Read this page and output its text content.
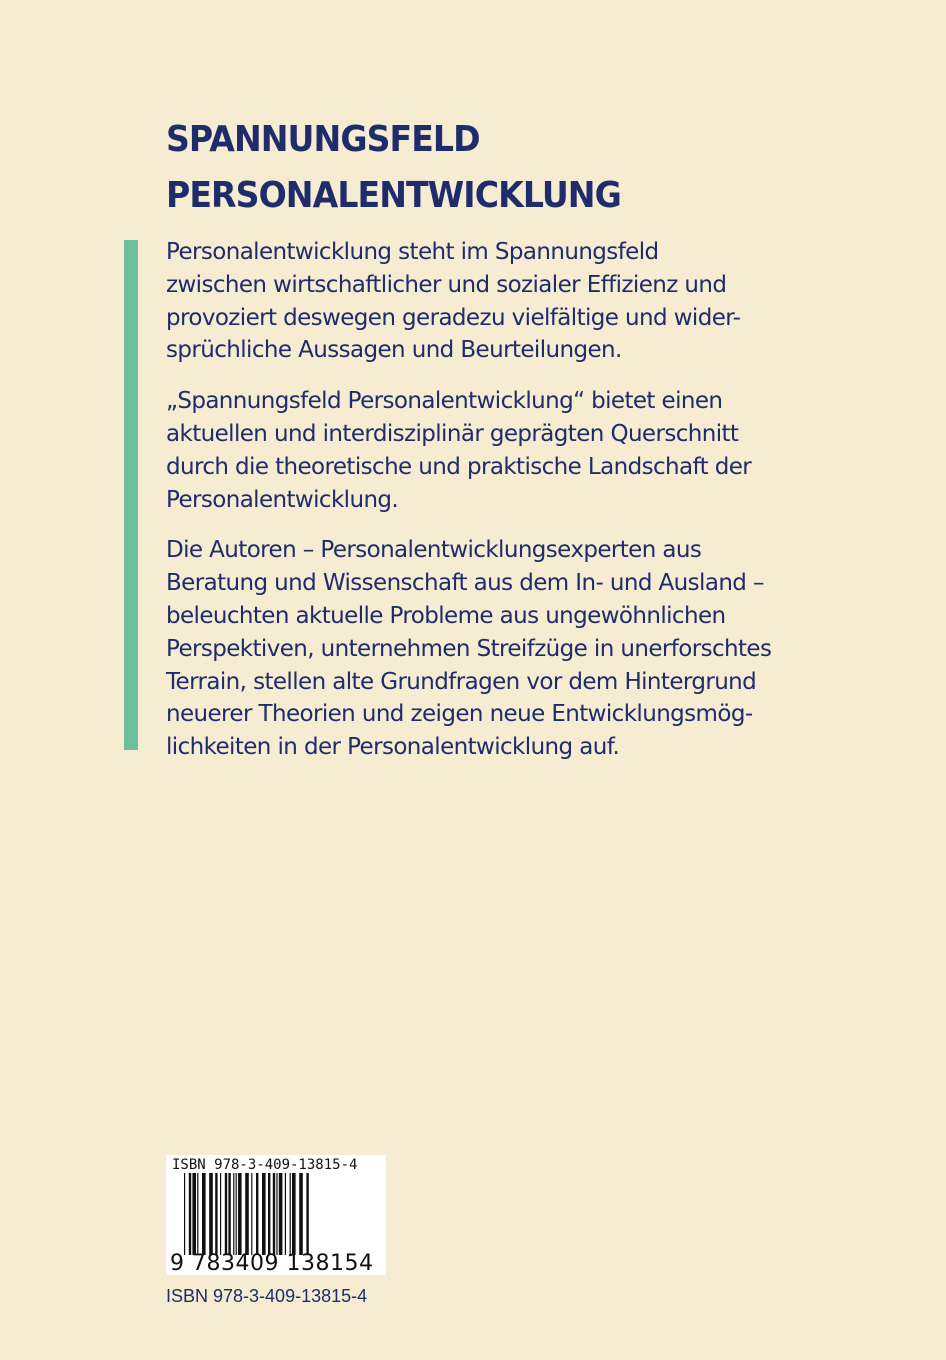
SPANNUNGSFELD
PERSONALENTWICKLUNG

Personalentwicklung steht im Spannungsfeld
zwischen wirtschaftlicher und sozialer Effizienz und
provoziert deswegen geradezu vielfältige und wider-
sprüchliche Aussagen und Beurteilungen.

„Spannungsfeld Personalentwicklung“ bietet einen
aktuellen und interdisziplinär geprägten Querschnitt
durch die theoretische und praktische Landschaft der
Personalentwicklung.

Die Autoren – Personalentwicklungsexperten aus
Beratung und Wissenschaft aus dem In- und Ausland –
beleuchten aktuelle Probleme aus ungewöhnlichen
Perspektiven, unternehmen Streifzüge in unerforschtes
Terrain, stellen alte Grundfragen vor dem Hintergrund
neuerer Theorien und zeigen neue Entwicklungsmög-
lichkeiten in der Personalentwicklung auf.

ISBN 978-3-409-13815-4
9 783409 138154
ISBN 978-3-409-13815-4
